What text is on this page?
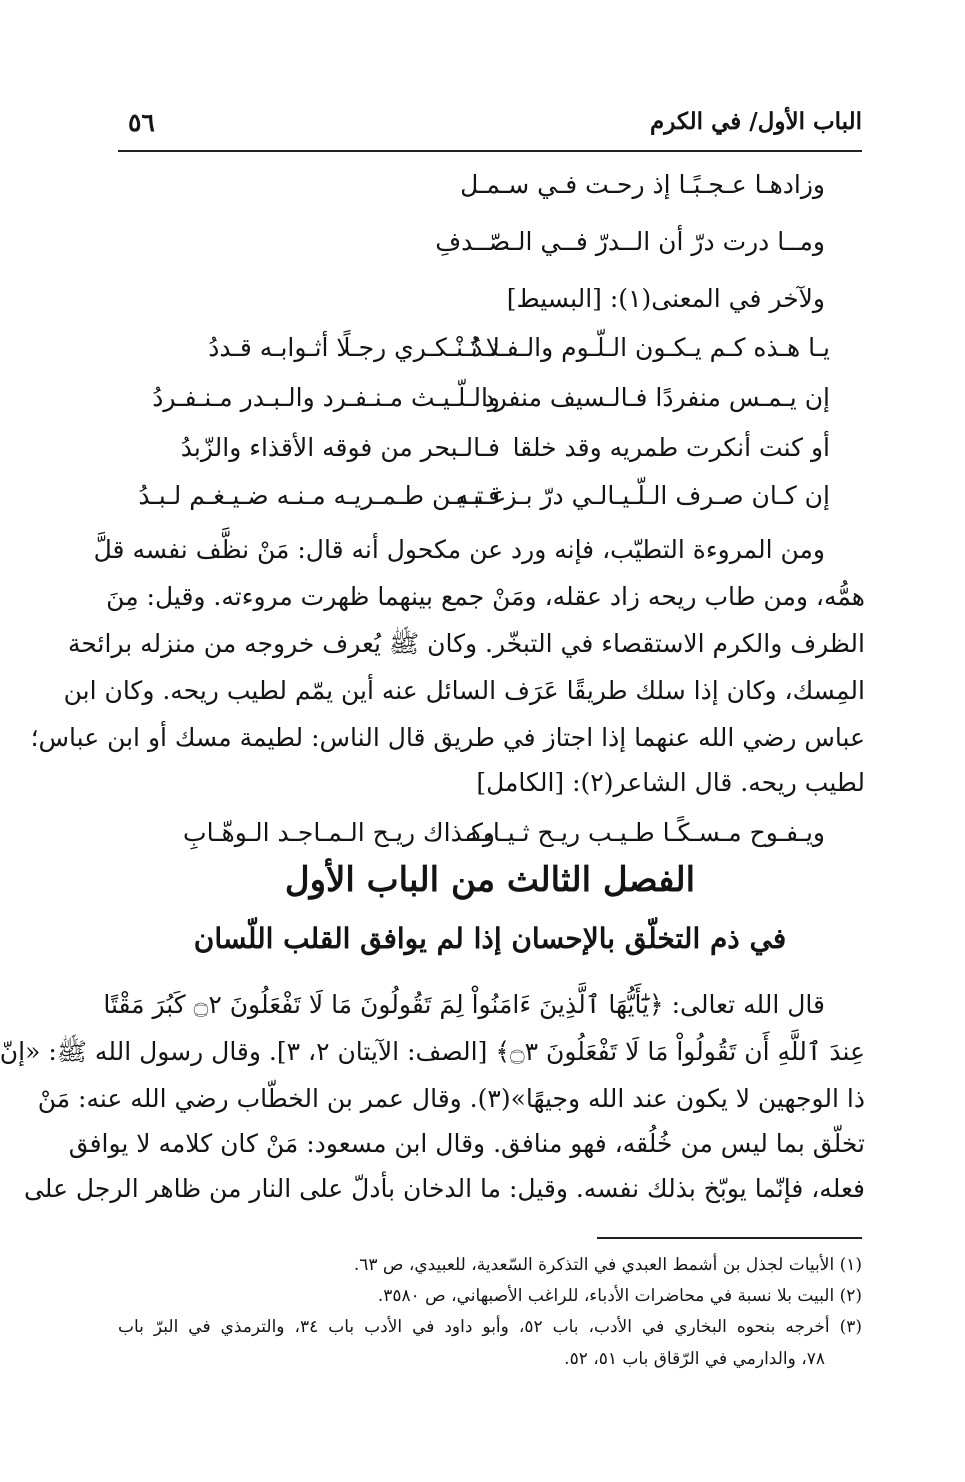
الباب الأول/ في الكرم
٥٦
وزادهـا عـجـبًـا إذ رحـت فـي سـمـل
ومــا درت درّ أن الــدرّ فــي الـصّــدفِ
ولآخر في المعنى(١): [البسيط]
يـا هـذه كـم يـكـون الـلّـوم والـفـنـدُ
لا تُـنْـكـري رجـلًا أثـوابـه قـددُ
إن يـمـس منفردًا فـالـسيف منفرد
والـلّـيـث مـنـفـرد والـبـدر مـنـفـردُ
أو كنت أنكرت طمريه وقد خلقا
فـالـبحر من فوقه الأقذاء والزّبدُ
إن كـان صـرف الـلّـيـالـي درّ بـزغـتـه
فـبـيـن طـمـريـه مـنـه ضـيـغـم لـبـدُ
ومن المروءة التطيّب، فإنه ورد عن مكحول أنه قال: مَنْ نظَّف نفسه قلَّ
همُّه، ومن طاب ريحه زاد عقله، ومَنْ جمع بينهما ظهرت مروءته. وقيل: مِنَ
الظرف والكرم الاستقصاء في التبخّر. وكان ﷺ يُعرف خروجه من منزله برائحة
المِسك، وكان إذا سلك طريقًا عَرَف السائل عنه أين يمّم لطيب ريحه. وكان ابن
عباس رضي الله عنهما إذا اجتاز في طريق قال الناس: لطيمة مسك أو ابن عباس؛
لطيب ريحه. قال الشاعر(٢): [الكامل]
ويـفـوح مـسـكًـا طـيـب ريـح ثـيـابـه
وكـذاك ريـح الـمـاجـد الـوهّـابِ
الفصل الثالث من الباب الأول
في ذم التخلّق بالإحسان إذا لم يوافق القلب اللّسان
قال الله تعالى: ﴿يَٰٓأَيُّهَا ٱلَّذِينَ ءَامَنُواْ لِمَ تَقُولُونَ مَا لَا تَفْعَلُونَ ۝٢ كَبُرَ مَقْتًا
عِندَ ٱللَّهِ أَن تَقُولُواْ مَا لَا تَفْعَلُونَ ۝٣﴾ [الصف: الآيتان ٢، ٣]. وقال رسول الله ﷺ: «إنّ
ذا الوجهين لا يكون عند الله وجيهًا»(٣). وقال عمر بن الخطّاب رضي الله عنه: مَنْ
تخلّق بما ليس من خُلُقه، فهو منافق. وقال ابن مسعود: مَنْ كان كلامه لا يوافق
فعله، فإنّما يوبّخ بذلك نفسه. وقيل: ما الدخان بأدلّ على النار من ظاهر الرجل على
(١) الأبيات لجذل بن أشمط العبدي في التذكرة السّعدية، للعبيدي، ص ٦٣.
(٢) البيت بلا نسبة في محاضرات الأدباء، للراغب الأصبهاني، ص ٣٥٨٠.
(٣) أخرجه بنحوه البخاري في الأدب، باب ٥٢، وأبو داود في الأدب باب ٣٤، والترمذي في البرّ باب
٧٨، والدارمي في الرّقاق باب ٥١، ٥٢.
